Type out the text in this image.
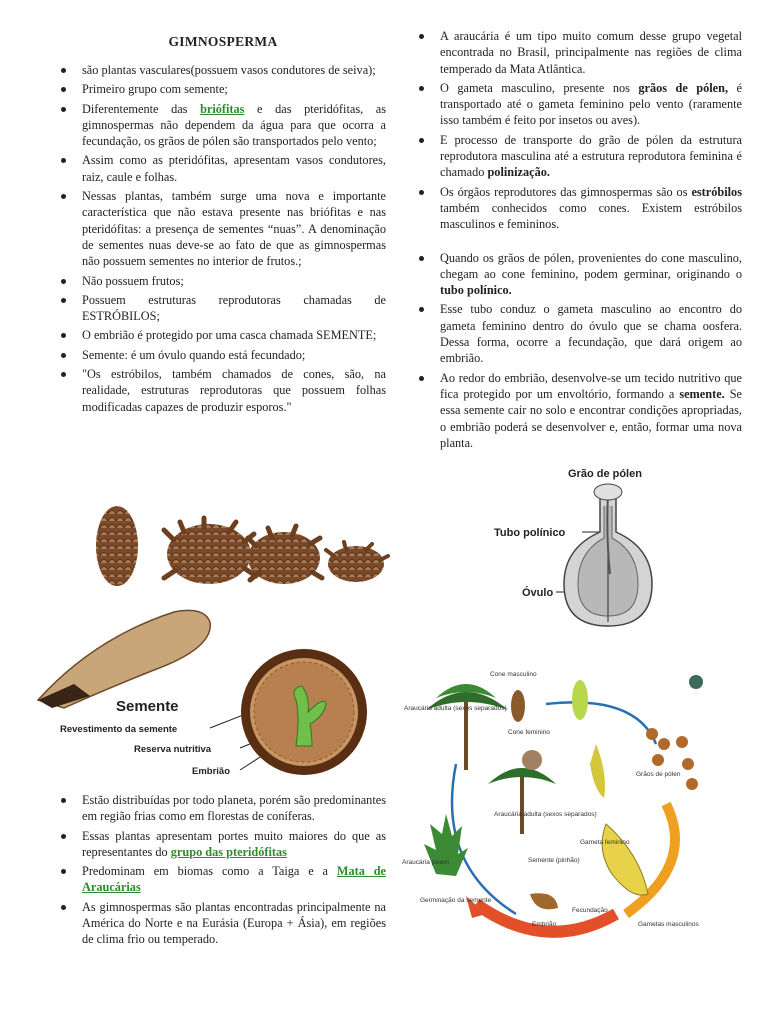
GIMNOSPERMA
são plantas vasculares(possuem vasos condutores de seiva);
Primeiro grupo com semente;
Diferentemente das briófitas e das pteridófitas, as gimnospermas não dependem da água para que ocorra a fecundação, os grãos de pólen são transportados pelo vento;
Assim como as pteridófitas, apresentam vasos condutores, raiz, caule e folhas.
Nessas plantas, também surge uma nova e importante característica que não estava presente nas briófitas e nas pteridófitas: a presença de sementes “nuas”. A denominação de sementes nuas deve-se ao fato de que as gimnospermas não possuem sementes no interior de frutos.;
Não possuem frutos;
Possuem estruturas reprodutoras chamadas de ESTRÓBILOS;
O embrião é protegido por uma casca chamada SEMENTE;
Semente: é um óvulo quando está fecundado;
"Os estróbilos, também chamados de cones, são, na realidade, estruturas reprodutoras que possuem folhas modificadas capazes de produzir esporos."
A araucária é um tipo muito comum desse grupo vegetal encontrada no Brasil, principalmente nas regiões de clima temperado da Mata Atlântica.
O gameta masculino, presente nos grãos de pólen, é transportado até o gameta feminino pelo vento (raramente isso também é feito por insetos ou aves).
E processo de transporte do grão de pólen da estrutura reprodutora masculina até a estrutura reprodutora feminina é chamado polinização.
Os órgãos reprodutores das gimnospermas são os estróbilos também conhecidos como cones. Existem estróbilos masculinos e femininos.
Quando os grãos de pólen, provenientes do cone masculino, chegam ao cone feminino, podem germinar, originando o tubo polínico.
Esse tubo conduz o gameta masculino ao encontro do gameta feminino dentro do óvulo que se chama oosfera. Dessa forma, ocorre a fecundação, que dará origem ao embrião.
Ao redor do embrião, desenvolve-se um tecido nutritivo que fica protegido por um envoltório, formando a semente. Se essa semente cair no solo e encontrar condições apropriadas, o embrião poderá se desenvolver e, então, formar uma nova planta.
Semente
Revestimento da semente
Reserva nutritiva
Embrião
Grão de pólen
Tubo polínico
Óvulo
Cone masculino
Cone feminino
Araucária adulta (sexos separados)
Grãos de pólen
Araucária adulta (sexos separados)
Gameta feminino
Semente (pinhão)
Araucária jovem
Germinação da semente
Fecundação
Embrião	Gametas masculinos
Estão distribuídas por todo planeta, porém são predominantes em região frias como em florestas de coníferas.
Essas plantas apresentam portes muito maiores do que as representantes do grupo das pteridófitas
Predominam em biomas como a Taiga e a Mata de Araucárias
As gimnospermas são plantas encontradas principalmente na América do Norte e na Eurásia (Europa + Ásia), em regiões de clima frio ou temperado.
